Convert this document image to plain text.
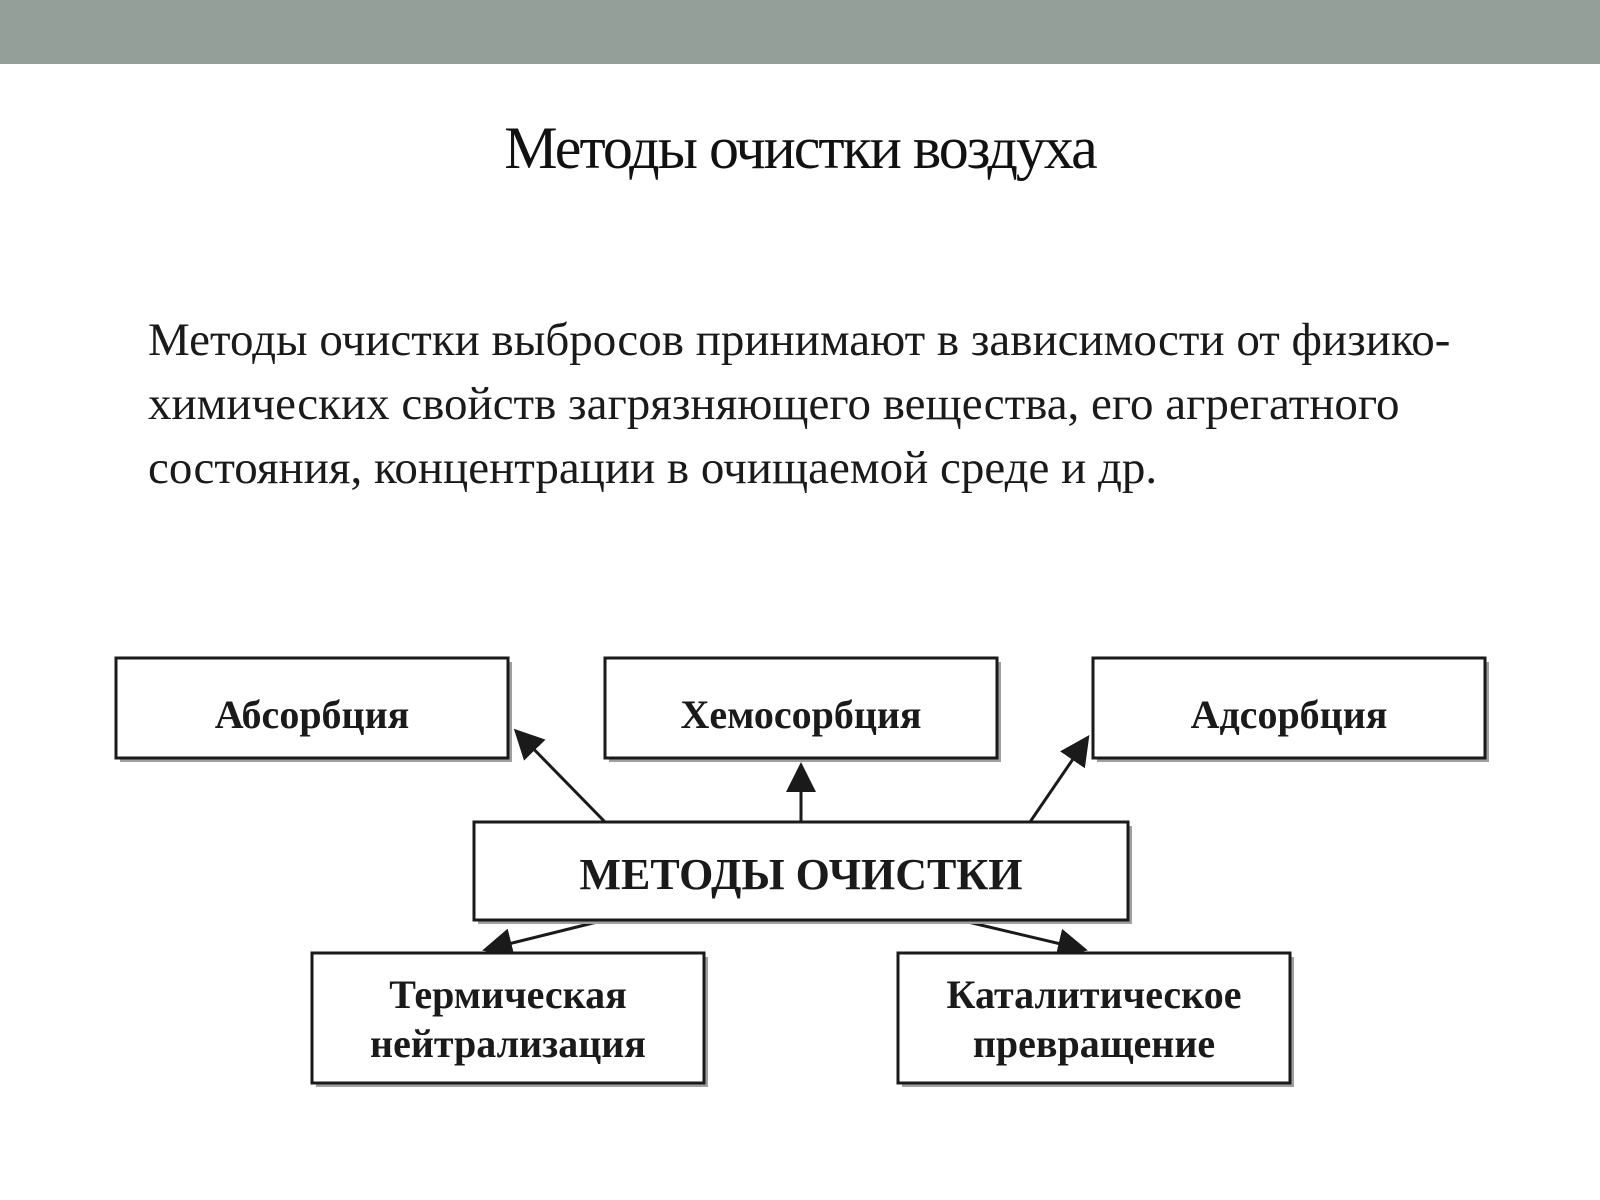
Методы очистки воздуха

Методы очистки выбросов принимают в зависимости от физико-химических свойств загрязняющего вещества, его агрегатного состояния, концентрации в очищаемой среде и др.

Абсорбция	Хемосорбция	Адсорбция
МЕТОДЫ ОЧИСТКИ
Термическая
нейтрализация
Каталитическое
превращение
